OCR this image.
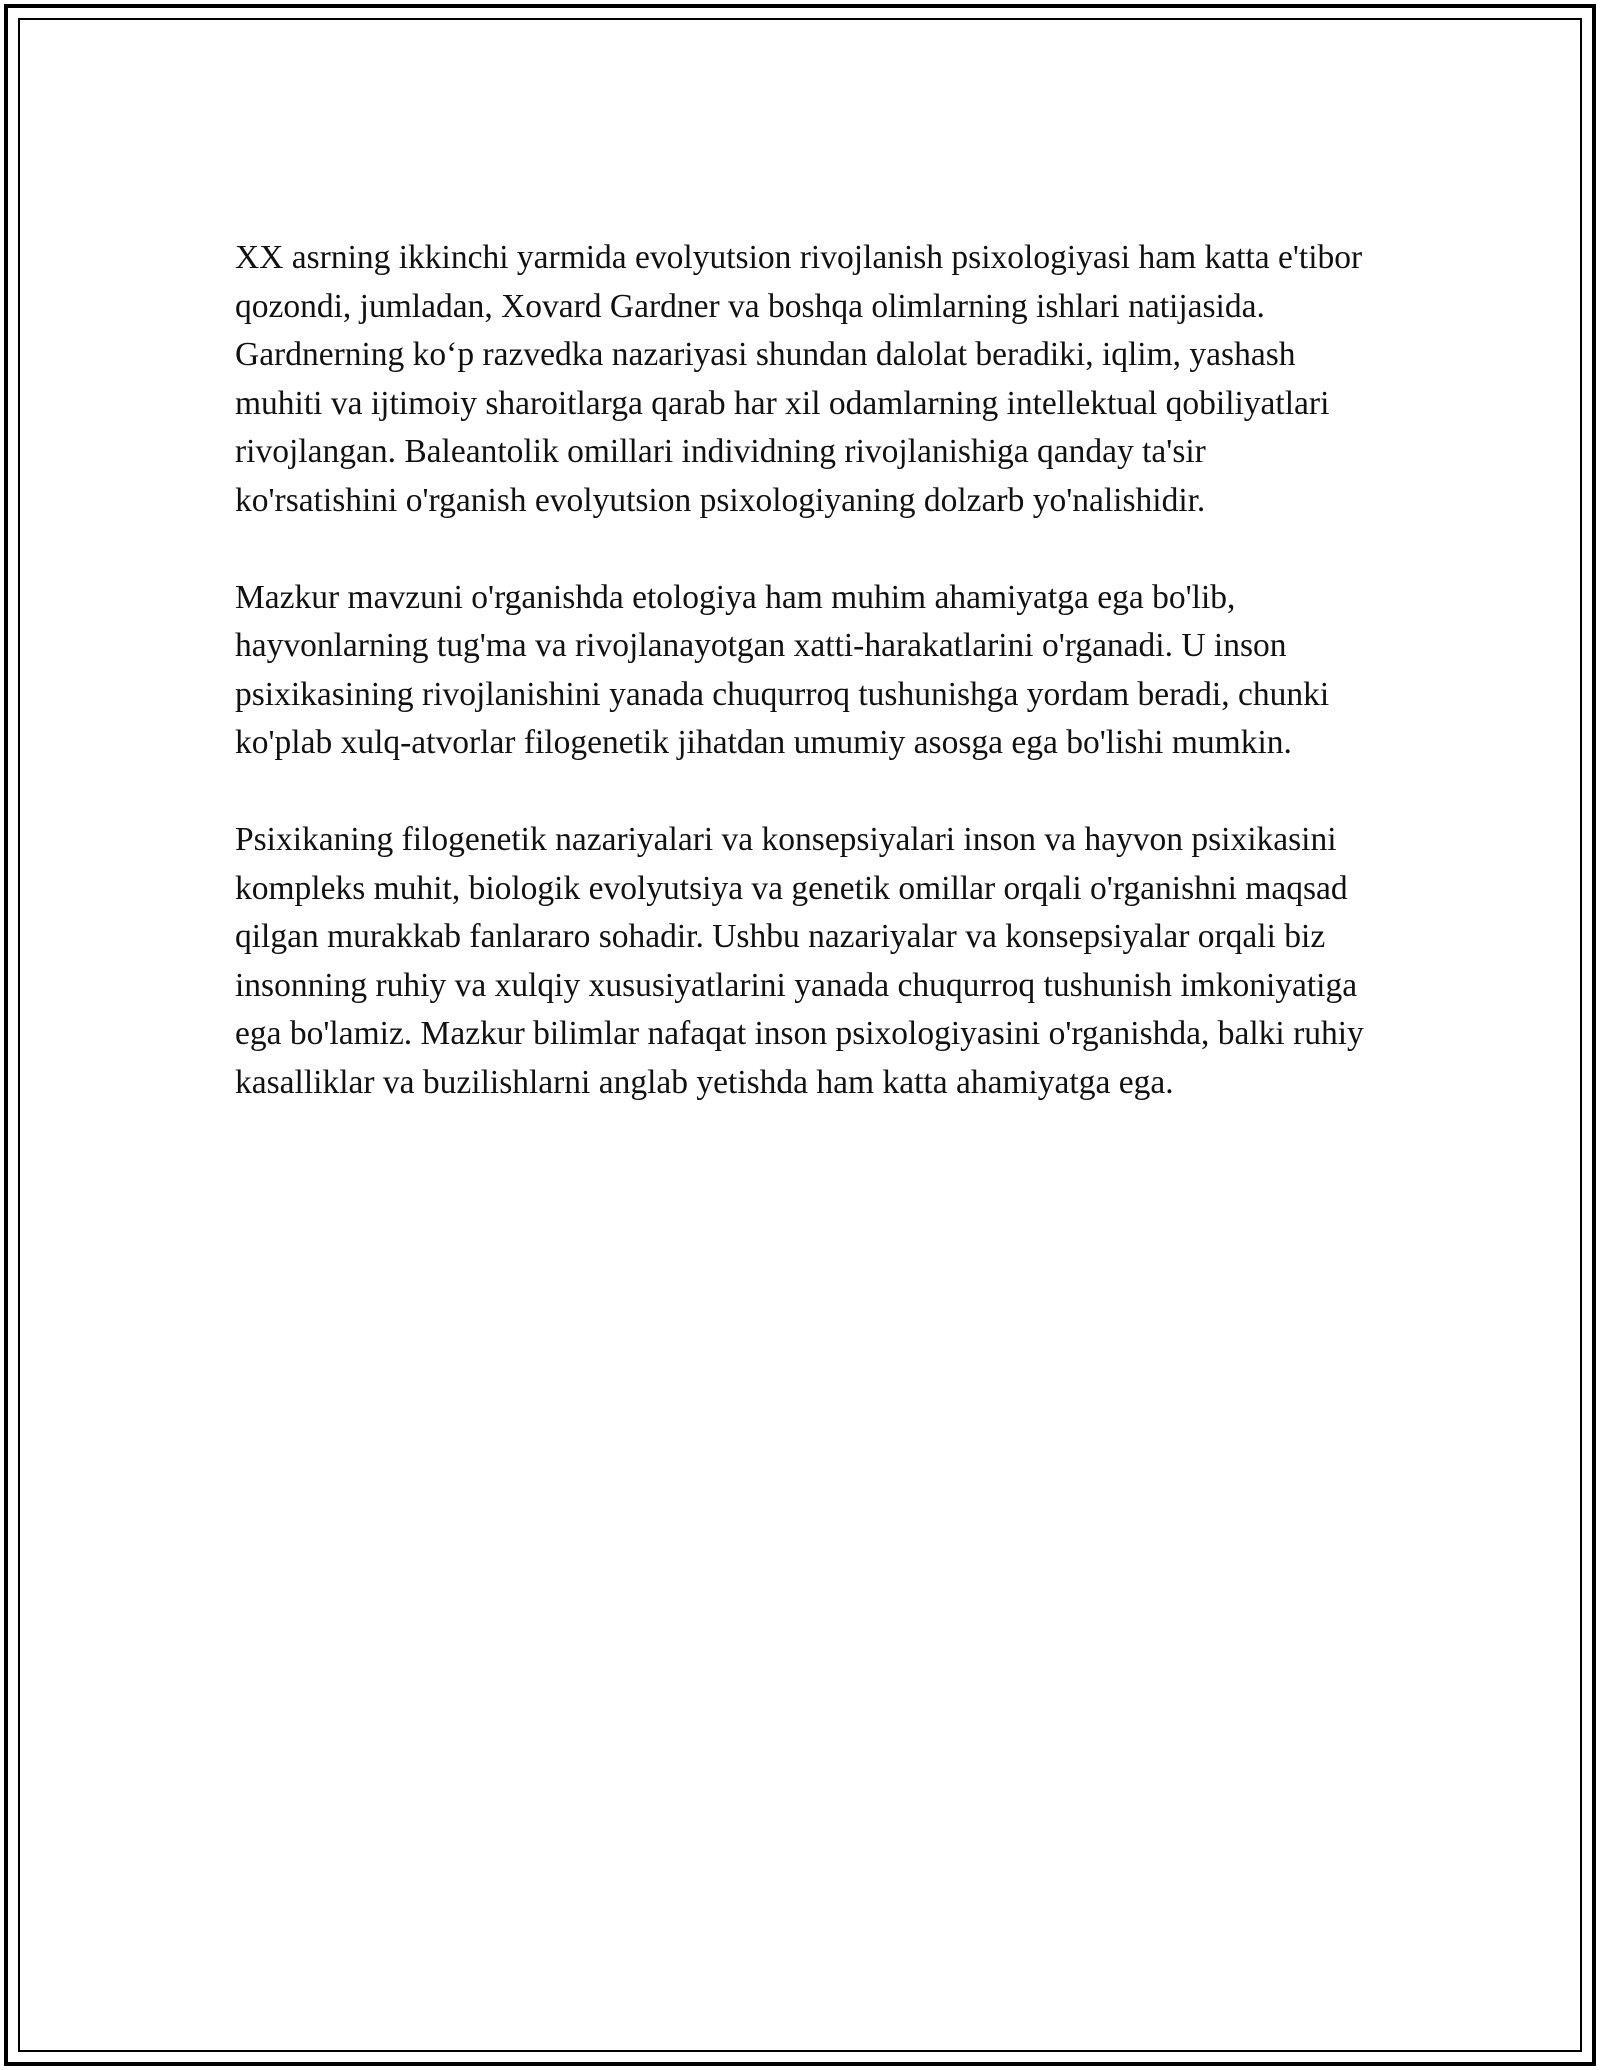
XX asrning ikkinchi yarmida evolyutsion rivojlanish psixologiyasi ham katta e'tibor qozondi, jumladan, Xovard Gardner va boshqa olimlarning ishlari natijasida. Gardnerning ko‘p razvedka nazariyasi shundan dalolat beradiki, iqlim, yashash muhiti va ijtimoiy sharoitlarga qarab har xil odamlarning intellektual qobiliyatlari rivojlangan. Baleantolik omillari individning rivojlanishiga qanday ta'sir ko'rsatishini o'rganish evolyutsion psixologiyaning dolzarb yo'nalishidir.

Mazkur mavzuni o'rganishda etologiya ham muhim ahamiyatga ega bo'lib, hayvonlarning tug'ma va rivojlanayotgan xatti-harakatlarini o'rganadi. U inson psixikasining rivojlanishini yanada chuqurroq tushunishga yordam beradi, chunki ko'plab xulq-atvorlar filogenetik jihatdan umumiy asosga ega bo'lishi mumkin.

Psixikaning filogenetik nazariyalari va konsepsiyalari inson va hayvon psixikasini kompleks muhit, biologik evolyutsiya va genetik omillar orqali o'rganishni maqsad qilgan murakkab fanlararo sohadir. Ushbu nazariyalar va konsepsiyalar orqali biz insonning ruhiy va xulqiy xususiyatlarini yanada chuqurroq tushunish imkoniyatiga ega bo'lamiz. Mazkur bilimlar nafaqat inson psixologiyasini o'rganishda, balki ruhiy kasalliklar va buzilishlarni anglab yetishda ham katta ahamiyatga ega.
